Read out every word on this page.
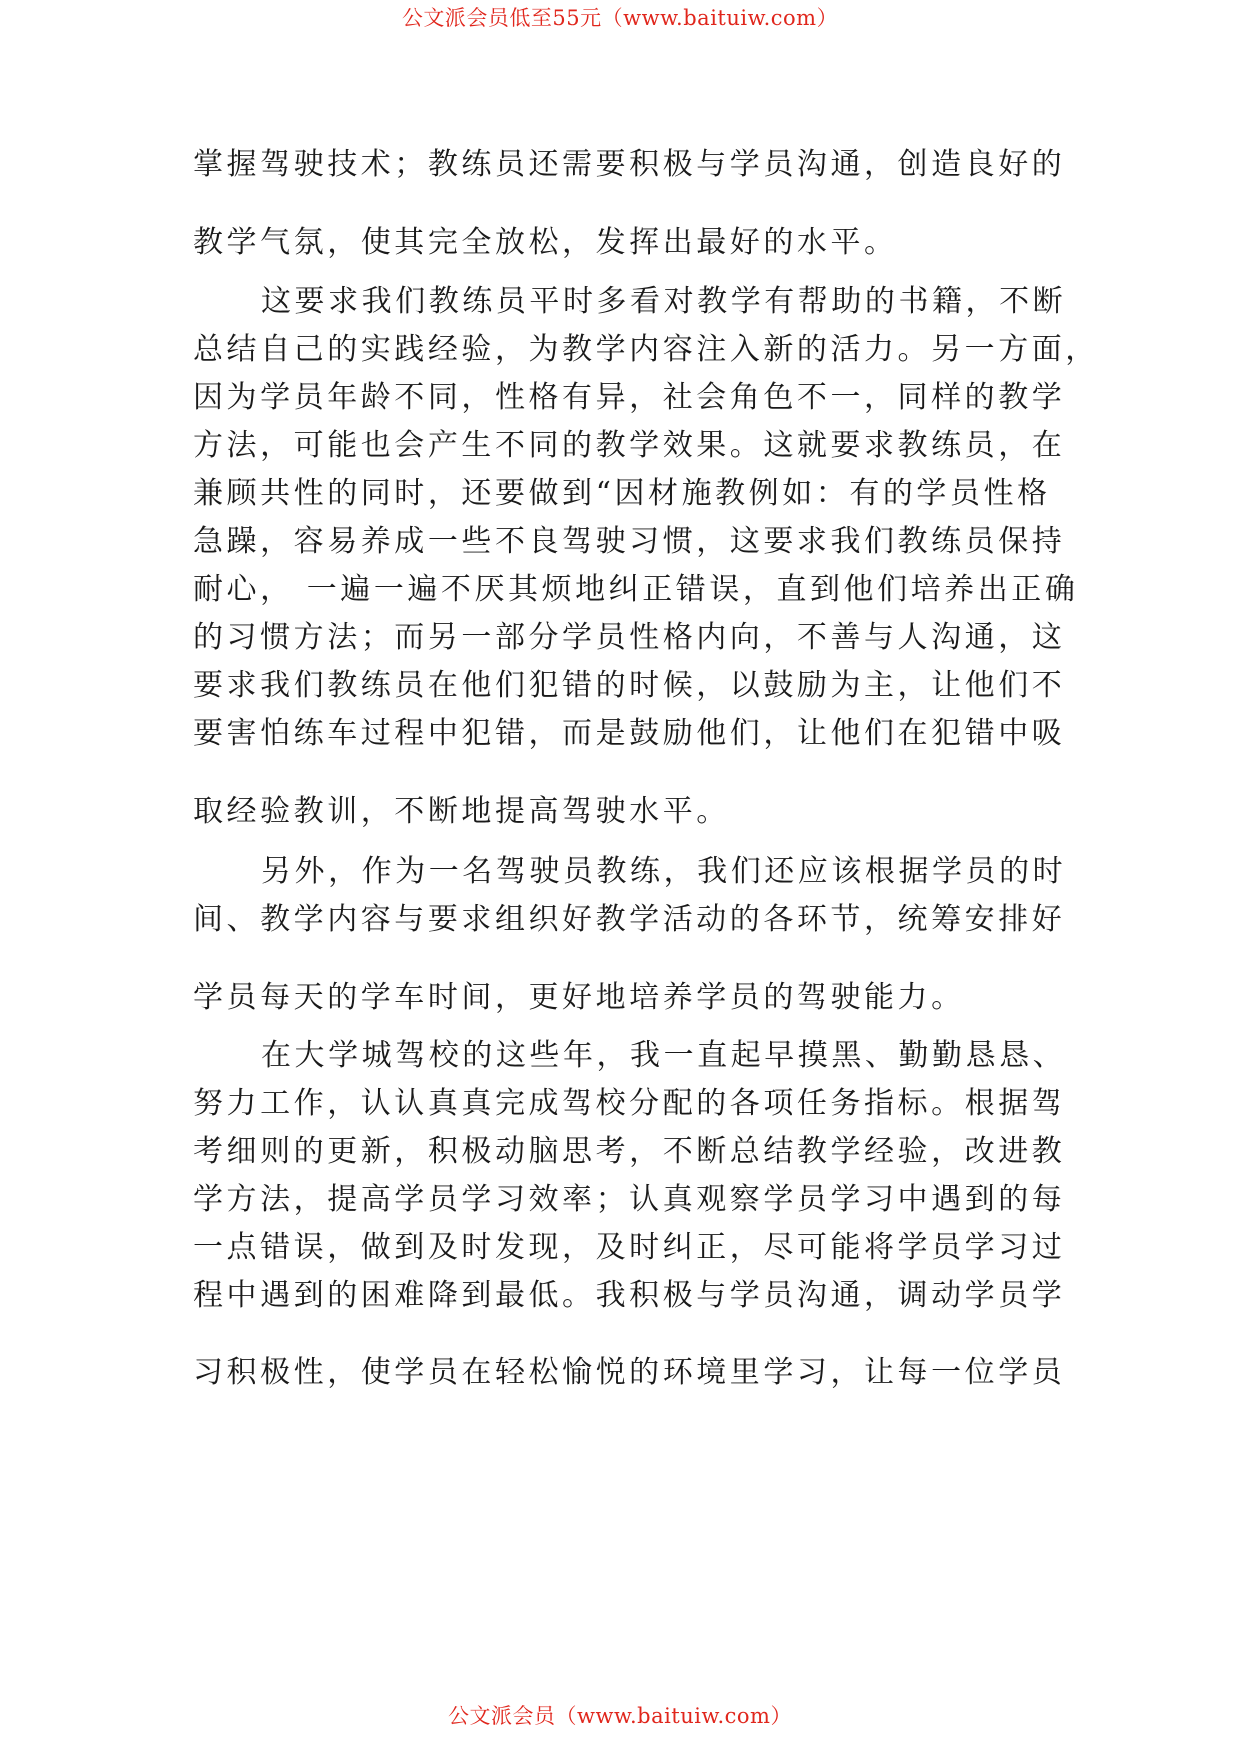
公文派会员低至55元（www.baituiw.com）
掌握驾驶技术；教练员还需要积极与学员沟通，创造良好的
教学气氛，使其完全放松，发挥出最好的水平。
这要求我们教练员平时多看对教学有帮助的书籍，不断
总结自己的实践经验，为教学内容注入新的活力。另一方面，
因为学员年龄不同，性格有异，社会角色不一，同样的教学
方法，可能也会产生不同的教学效果。这就要求教练员，在
兼顾共性的同时，还要做到“因材施教例如：有的学员性格
急躁，容易养成一些不良驾驶习惯，这要求我们教练员保持
耐心， 一遍一遍不厌其烦地纠正错误，直到他们培养出正确
的习惯方法；而另一部分学员性格内向，不善与人沟通，这
要求我们教练员在他们犯错的时候，以鼓励为主，让他们不
要害怕练车过程中犯错，而是鼓励他们，让他们在犯错中吸
取经验教训，不断地提高驾驶水平。
另外，作为一名驾驶员教练，我们还应该根据学员的时
间、教学内容与要求组织好教学活动的各环节，统筹安排好
学员每天的学车时间，更好地培养学员的驾驶能力。
在大学城驾校的这些年，我一直起早摸黑、勤勤恳恳、
努力工作，认认真真完成驾校分配的各项任务指标。根据驾
考细则的更新，积极动脑思考，不断总结教学经验，改进教
学方法，提高学员学习效率；认真观察学员学习中遇到的每
一点错误，做到及时发现，及时纠正，尽可能将学员学习过
程中遇到的困难降到最低。我积极与学员沟通，调动学员学
习积极性，使学员在轻松愉悦的环境里学习，让每一位学员
公文派会员（www.baituiw.com）
